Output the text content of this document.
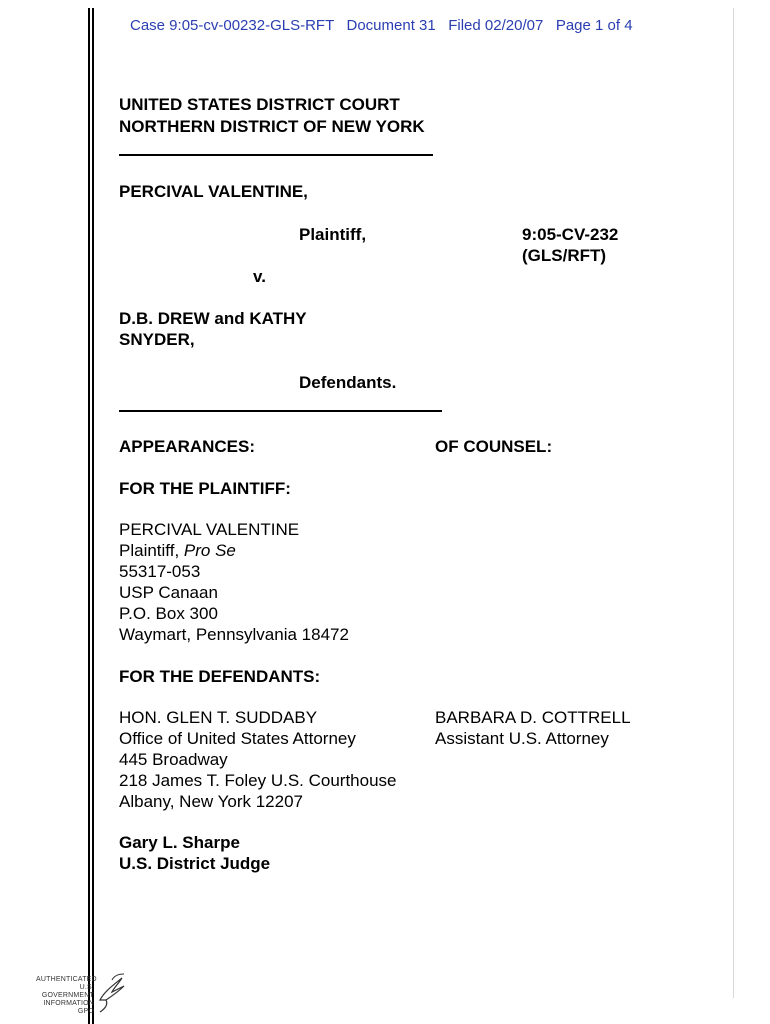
Case 9:05-cv-00232-GLS-RFT Document 31 Filed 02/20/07 Page 1 of 4
UNITED STATES DISTRICT COURT
NORTHERN DISTRICT OF NEW YORK
PERCIVAL VALENTINE,
Plaintiff,	9:05-CV-232
(GLS/RFT)
v.
D.B. DREW and KATHY
SNYDER,
Defendants.
APPEARANCES:	OF COUNSEL:
FOR THE PLAINTIFF:
PERCIVAL VALENTINE
Plaintiff, Pro Se
55317-053
USP Canaan
P.O. Box 300
Waymart, Pennsylvania 18472
FOR THE DEFENDANTS:
HON. GLEN T. SUDDABY
Office of United States Attorney
445 Broadway
218 James T. Foley U.S. Courthouse
Albany, New York 12207
BARBARA D. COTTRELL
Assistant U.S. Attorney
Gary L. Sharpe
U.S. District Judge
AUTHENTICATED
U.S. GOVERNMENT
INFORMATION
GPO
